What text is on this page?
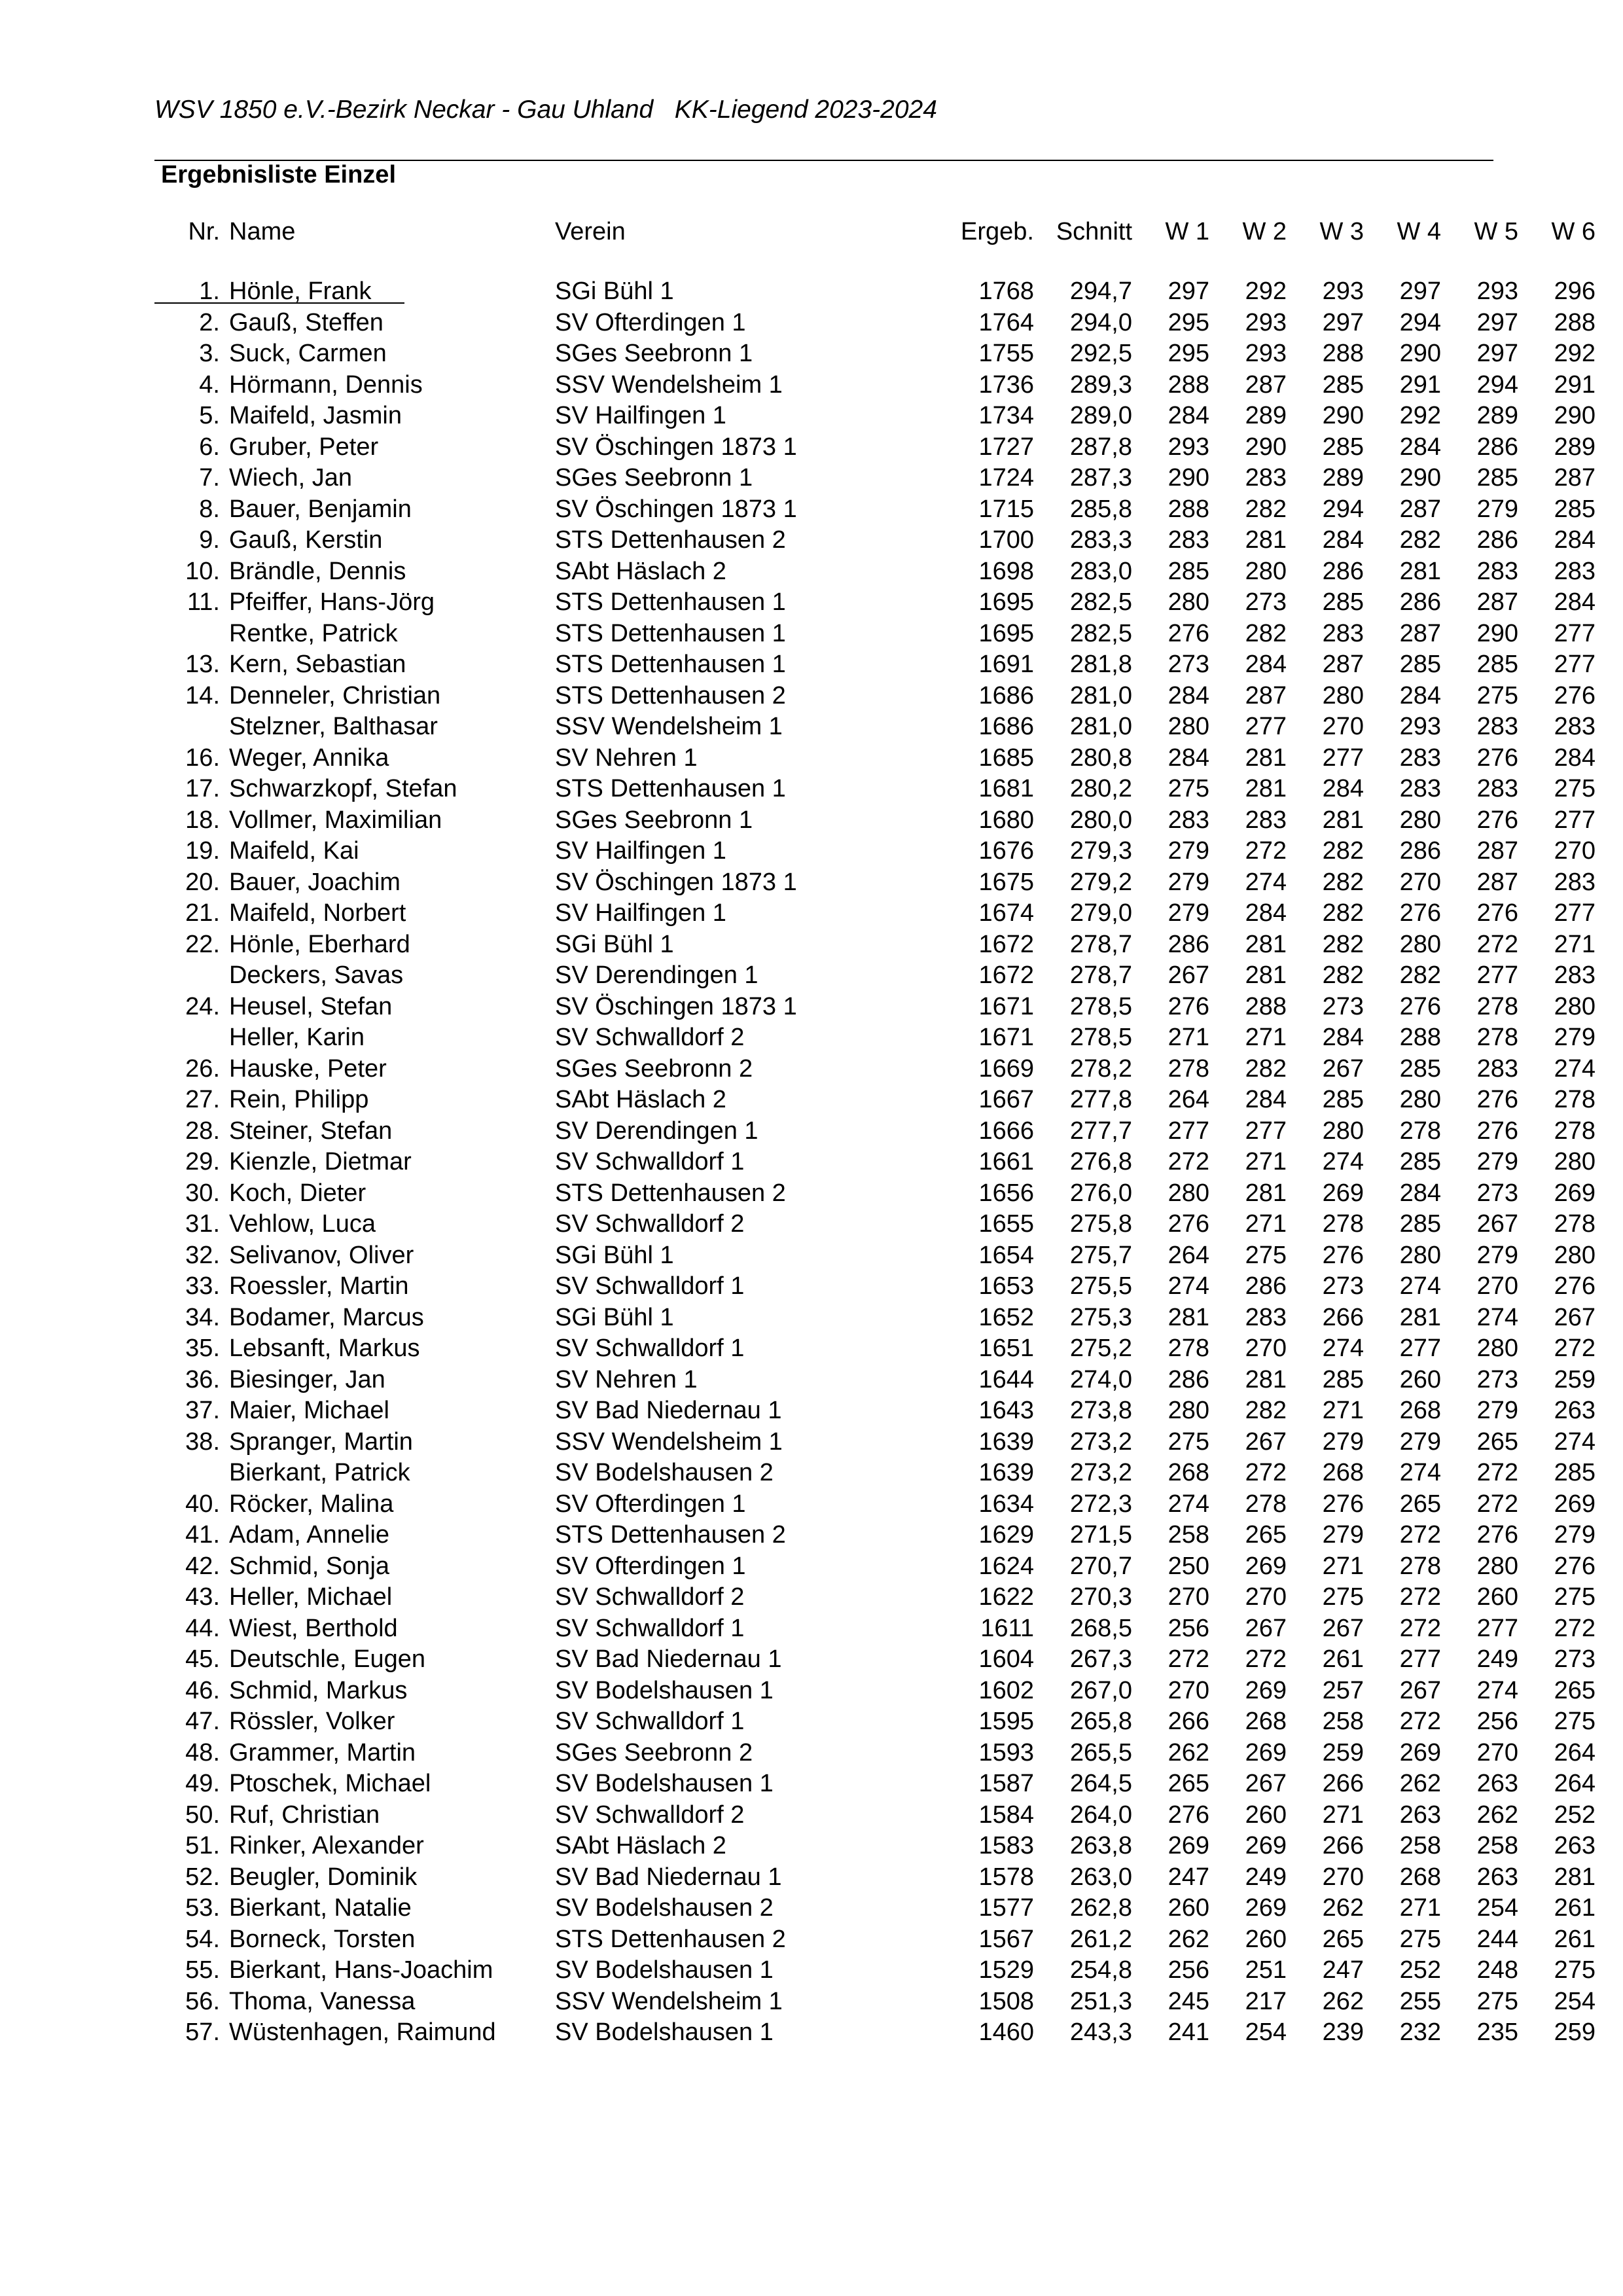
WSV 1850 e.V.-Bezirk Neckar - Gau Uhland   KK-Liegend 2023-2024
Ergebnisliste Einzel
Nr.	Name	Verein	Ergeb.	Schnitt	W 1	W 2	W 3	W 4	W 5	W 6
1.	Hönle, Frank	SGi Bühl 1	1768	294,7	297	292	293	297	293	296
2.	Gauß, Steffen	SV Ofterdingen 1	1764	294,0	295	293	297	294	297	288
3.	Suck, Carmen	SGes Seebronn 1	1755	292,5	295	293	288	290	297	292
4.	Hörmann, Dennis	SSV Wendelsheim 1	1736	289,3	288	287	285	291	294	291
5.	Maifeld, Jasmin	SV Hailfingen 1	1734	289,0	284	289	290	292	289	290
6.	Gruber, Peter	SV Öschingen 1873 1	1727	287,8	293	290	285	284	286	289
7.	Wiech, Jan	SGes Seebronn 1	1724	287,3	290	283	289	290	285	287
8.	Bauer, Benjamin	SV Öschingen 1873 1	1715	285,8	288	282	294	287	279	285
9.	Gauß, Kerstin	STS Dettenhausen 2	1700	283,3	283	281	284	282	286	284
10.	Brändle, Dennis	SAbt Häslach 2	1698	283,0	285	280	286	281	283	283
11.	Pfeiffer, Hans-Jörg	STS Dettenhausen 1	1695	282,5	280	273	285	286	287	284
	Rentke, Patrick	STS Dettenhausen 1	1695	282,5	276	282	283	287	290	277
13.	Kern, Sebastian	STS Dettenhausen 1	1691	281,8	273	284	287	285	285	277
14.	Denneler, Christian	STS Dettenhausen 2	1686	281,0	284	287	280	284	275	276
	Stelzner, Balthasar	SSV Wendelsheim 1	1686	281,0	280	277	270	293	283	283
16.	Weger, Annika	SV Nehren 1	1685	280,8	284	281	277	283	276	284
17.	Schwarzkopf, Stefan	STS Dettenhausen 1	1681	280,2	275	281	284	283	283	275
18.	Vollmer, Maximilian	SGes Seebronn 1	1680	280,0	283	283	281	280	276	277
19.	Maifeld, Kai	SV Hailfingen 1	1676	279,3	279	272	282	286	287	270
20.	Bauer, Joachim	SV Öschingen 1873 1	1675	279,2	279	274	282	270	287	283
21.	Maifeld, Norbert	SV Hailfingen 1	1674	279,0	279	284	282	276	276	277
22.	Hönle, Eberhard	SGi Bühl 1	1672	278,7	286	281	282	280	272	271
	Deckers, Savas	SV Derendingen 1	1672	278,7	267	281	282	282	277	283
24.	Heusel, Stefan	SV Öschingen 1873 1	1671	278,5	276	288	273	276	278	280
	Heller, Karin	SV Schwalldorf 2	1671	278,5	271	271	284	288	278	279
26.	Hauske, Peter	SGes Seebronn 2	1669	278,2	278	282	267	285	283	274
27.	Rein, Philipp	SAbt Häslach 2	1667	277,8	264	284	285	280	276	278
28.	Steiner, Stefan	SV Derendingen 1	1666	277,7	277	277	280	278	276	278
29.	Kienzle, Dietmar	SV Schwalldorf 1	1661	276,8	272	271	274	285	279	280
30.	Koch, Dieter	STS Dettenhausen 2	1656	276,0	280	281	269	284	273	269
31.	Vehlow, Luca	SV Schwalldorf 2	1655	275,8	276	271	278	285	267	278
32.	Selivanov, Oliver	SGi Bühl 1	1654	275,7	264	275	276	280	279	280
33.	Roessler, Martin	SV Schwalldorf 1	1653	275,5	274	286	273	274	270	276
34.	Bodamer, Marcus	SGi Bühl 1	1652	275,3	281	283	266	281	274	267
35.	Lebsanft, Markus	SV Schwalldorf 1	1651	275,2	278	270	274	277	280	272
36.	Biesinger, Jan	SV Nehren 1	1644	274,0	286	281	285	260	273	259
37.	Maier, Michael	SV Bad Niedernau 1	1643	273,8	280	282	271	268	279	263
38.	Spranger, Martin	SSV Wendelsheim 1	1639	273,2	275	267	279	279	265	274
	Bierkant, Patrick	SV Bodelshausen 2	1639	273,2	268	272	268	274	272	285
40.	Röcker, Malina	SV Ofterdingen 1	1634	272,3	274	278	276	265	272	269
41.	Adam, Annelie	STS Dettenhausen 2	1629	271,5	258	265	279	272	276	279
42.	Schmid, Sonja	SV Ofterdingen 1	1624	270,7	250	269	271	278	280	276
43.	Heller, Michael	SV Schwalldorf 2	1622	270,3	270	270	275	272	260	275
44.	Wiest, Berthold	SV Schwalldorf 1	1611	268,5	256	267	267	272	277	272
45.	Deutschle, Eugen	SV Bad Niedernau 1	1604	267,3	272	272	261	277	249	273
46.	Schmid, Markus	SV Bodelshausen 1	1602	267,0	270	269	257	267	274	265
47.	Rössler, Volker	SV Schwalldorf 1	1595	265,8	266	268	258	272	256	275
48.	Grammer, Martin	SGes Seebronn 2	1593	265,5	262	269	259	269	270	264
49.	Ptoschek, Michael	SV Bodelshausen 1	1587	264,5	265	267	266	262	263	264
50.	Ruf, Christian	SV Schwalldorf 2	1584	264,0	276	260	271	263	262	252
51.	Rinker, Alexander	SAbt Häslach 2	1583	263,8	269	269	266	258	258	263
52.	Beugler, Dominik	SV Bad Niedernau 1	1578	263,0	247	249	270	268	263	281
53.	Bierkant, Natalie	SV Bodelshausen 2	1577	262,8	260	269	262	271	254	261
54.	Borneck, Torsten	STS Dettenhausen 2	1567	261,2	262	260	265	275	244	261
55.	Bierkant, Hans-Joachim	SV Bodelshausen 1	1529	254,8	256	251	247	252	248	275
56.	Thoma, Vanessa	SSV Wendelsheim 1	1508	251,3	245	217	262	255	275	254
57.	Wüstenhagen, Raimund	SV Bodelshausen 1	1460	243,3	241	254	239	232	235	259
